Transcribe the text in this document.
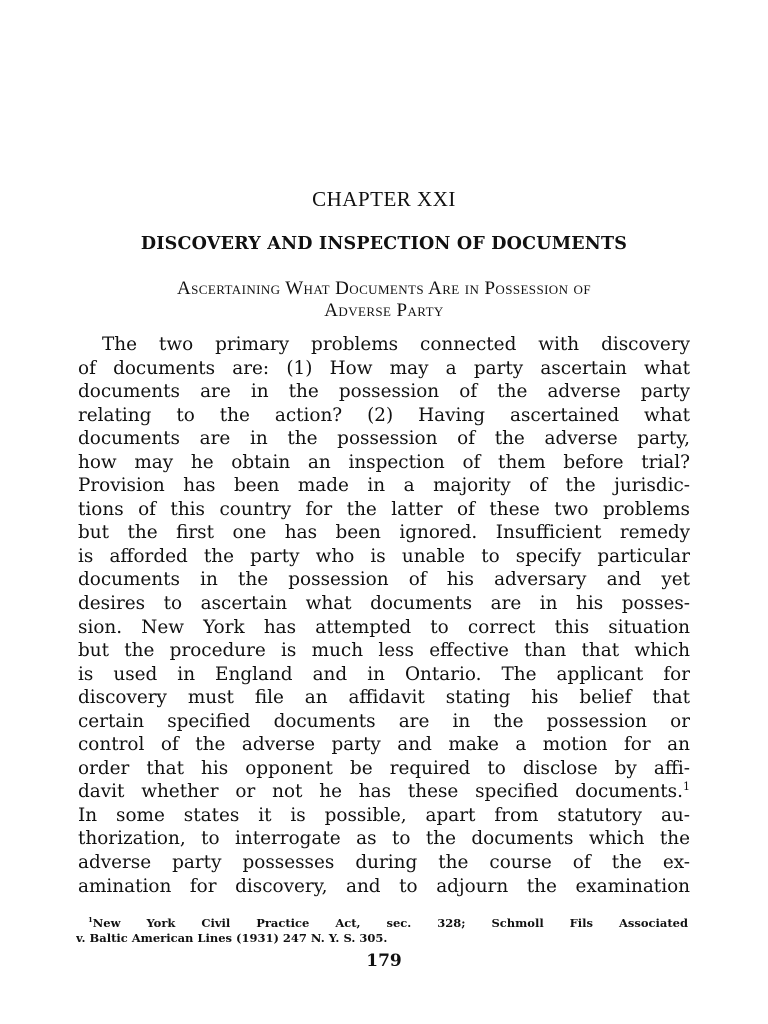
CHAPTER XXI
DISCOVERY AND INSPECTION OF DOCUMENTS
Ascertaining What Documents Are in Possession of
Adverse Party
The two primary problems connected with discovery
of documents are: (1) How may a party ascertain what
documents are in the possession of the adverse party
relating to the action? (2) Having ascertained what
documents are in the possession of the adverse party,
how may he obtain an inspection of them before trial?
Provision has been made in a majority of the jurisdic-
tions of this country for the latter of these two problems
but the first one has been ignored. Insufficient remedy
is afforded the party who is unable to specify particular
documents in the possession of his adversary and yet
desires to ascertain what documents are in his posses-
sion. New York has attempted to correct this situation
but the procedure is much less effective than that which
is used in England and in Ontario. The applicant for
discovery must file an affidavit stating his belief that
certain specified documents are in the possession or
control of the adverse party and make a motion for an
order that his opponent be required to disclose by affi-
davit whether or not he has these specified documents.$^1$
In some states it is possible, apart from statutory au-
thorization, to interrogate as to the documents which the
adverse party possesses during the course of the ex-
amination for discovery, and to adjourn the examination
$^1$New York Civil Practice Act, sec. 328; Schmoll Fils Associated
v. Baltic American Lines (1931) 247 N. Y. S. 305.
179
